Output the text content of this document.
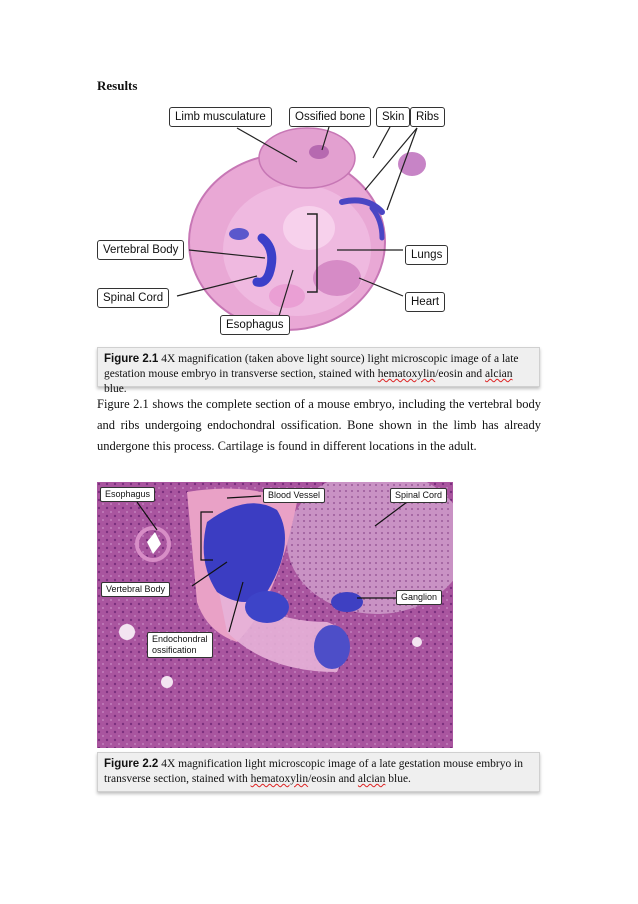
Results
Limb musculature	Ossified bone	Skin	Ribs
Vertebral Body	Lungs
Spinal Cord	Heart
Esophagus
Figure 2.1 4X magnification (taken above light source) light microscopic image of a late gestation mouse embryo in transverse section, stained with hematoxylin/eosin and alcian blue.
Figure 2.1 shows the complete section of a mouse embryo, including the vertebral body and ribs undergoing endochondral ossification. Bone shown in the limb has already undergone this process. Cartilage is found in different locations in the adult.
Esophagus	Blood Vessel	Spinal Cord
Vertebral Body
Ganglion
Endochondral
ossification
Figure 2.2 4X magnification light microscopic image of a late gestation mouse embryo in transverse section, stained with hematoxylin/eosin and alcian blue.
